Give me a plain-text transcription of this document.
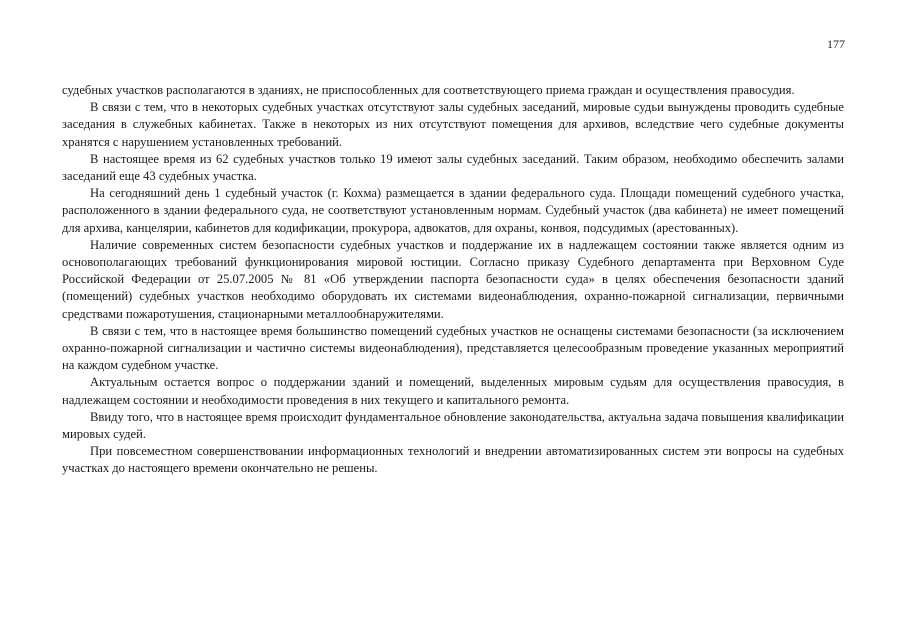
177

судебных участков располагаются в зданиях, не приспособленных для соответствующего приема граждан и осуществления правосудия.

В связи с тем, что в некоторых судебных участках отсутствуют залы судебных заседаний, мировые судьи вынуждены проводить судебные заседания в служебных кабинетах. Также в некоторых из них отсутствуют помещения для архивов, вследствие чего судебные документы хранятся с нарушением установленных требований.

В настоящее время из 62 судебных участков только 19 имеют залы судебных заседаний. Таким образом, необходимо обеспечить залами заседаний еще 43 судебных участка.

На сегодняшний день 1 судебный участок (г. Кохма) размещается в здании федерального суда. Площади помещений судебного участка, расположенного в здании федерального суда, не соответствуют установленным нормам. Судебный участок (два кабинета) не имеет помещений для архива, канцелярии, кабинетов для кодификации, прокурора, адвокатов, для охраны, конвоя, подсудимых (арестованных).

Наличие современных систем безопасности судебных участков и поддержание их в надлежащем состоянии также является одним из основополагающих требований функционирования мировой юстиции. Согласно приказу Судебного департамента при Верховном Суде Российской Федерации от 25.07.2005 № 81 «Об утверждении паспорта безопасности суда» в целях обеспечения безопасности зданий (помещений) судебных участков необходимо оборудовать их системами видеонаблюдения, охранно-пожарной сигнализации, первичными средствами пожаротушения, стационарными металлообнаружителями.

В связи с тем, что в настоящее время большинство помещений судебных участков не оснащены системами безопасности (за исключением охранно-пожарной сигнализации и частично системы видеонаблюдения), представляется целесообразным проведение указанных мероприятий на каждом судебном участке.

Актуальным остается вопрос о поддержании зданий и помещений, выделенных мировым судьям для осуществления правосудия, в надлежащем состоянии и необходимости проведения в них текущего и капитального ремонта.

Ввиду того, что в настоящее время происходит фундаментальное обновление законодательства, актуальна задача повышения квалификации мировых судей.

При повсеместном совершенствовании информационных технологий и внедрении автоматизированных систем эти вопросы на судебных участках до настоящего времени окончательно не решены.
